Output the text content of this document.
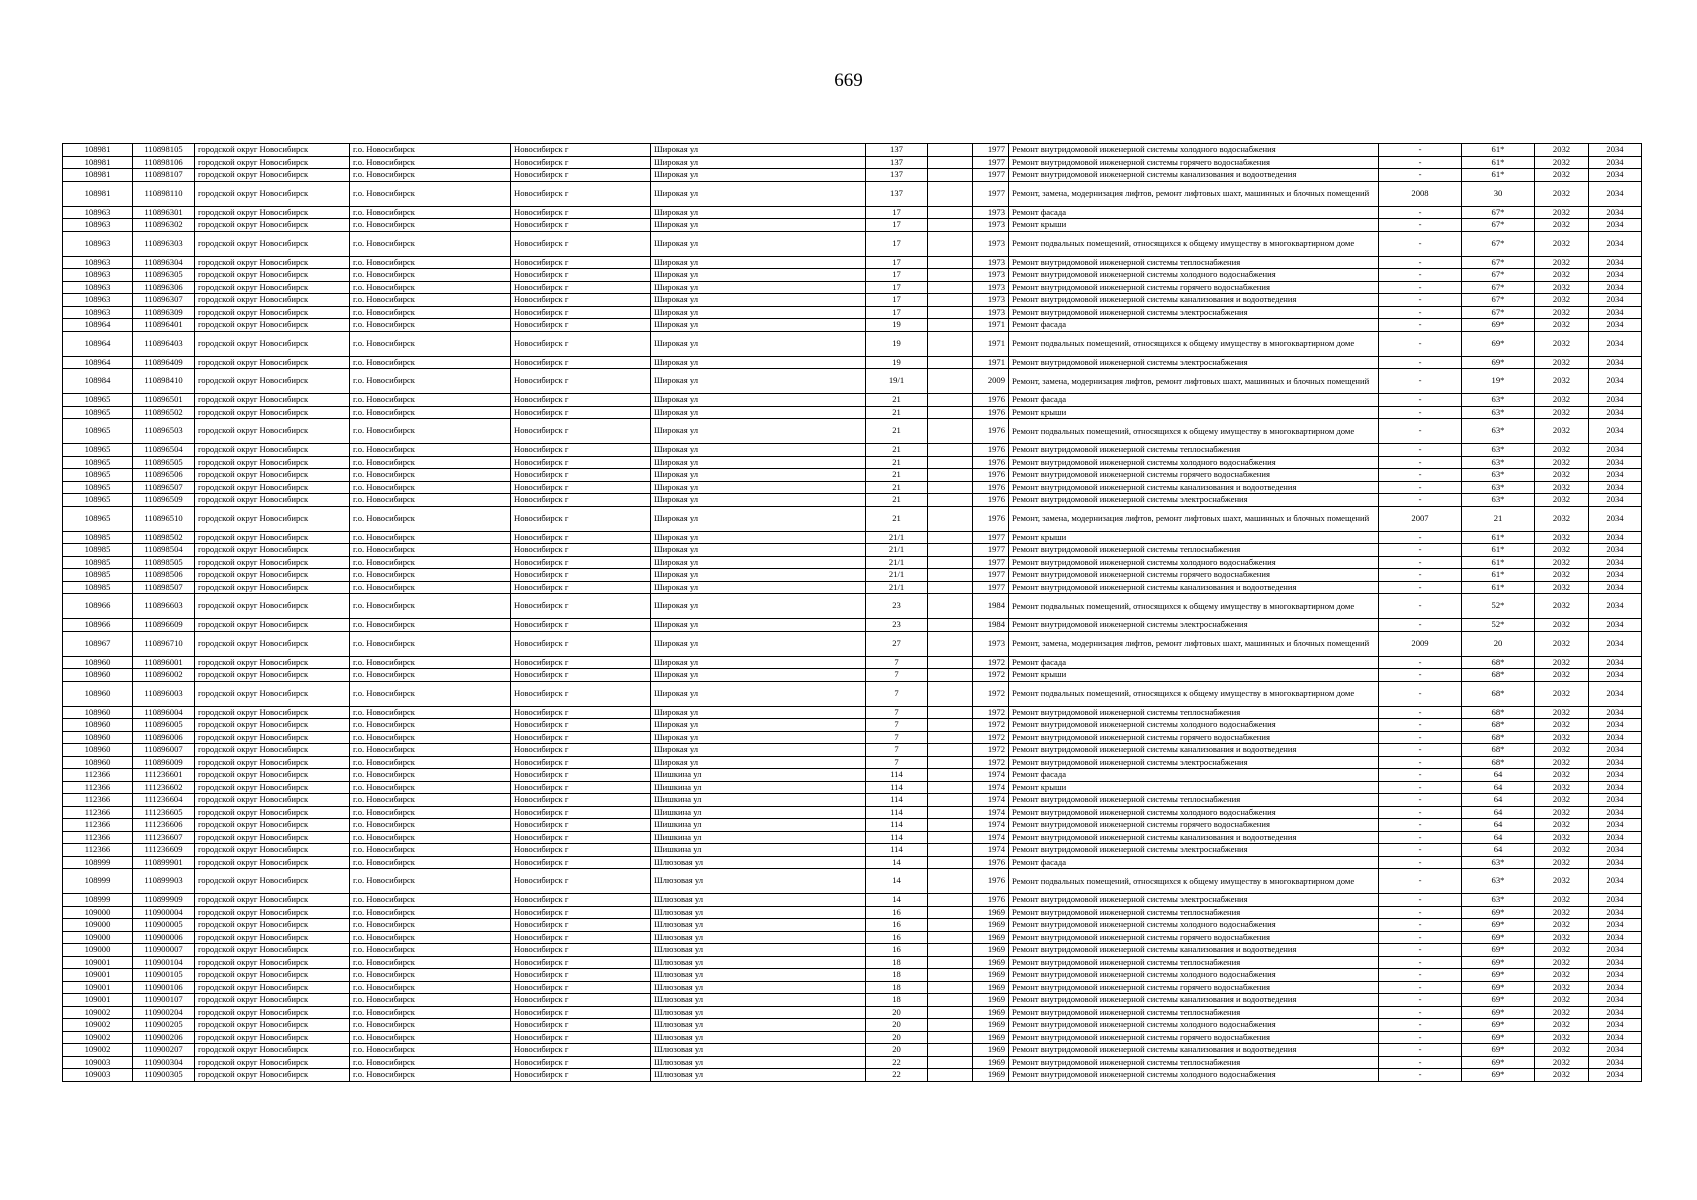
669
108981	110898105	городской округ Новосибирск	г.о. Новосибирск	Новосибирск г	Широкая ул	137		1977	Ремонт внутридомовой инженерной системы холодного водоснабжения	-	61*	2032	2034
108981	110898106	городской округ Новосибирск	г.о. Новосибирск	Новосибирск г	Широкая ул	137		1977	Ремонт внутридомовой инженерной системы горячего водоснабжения	-	61*	2032	2034
108981	110898107	городской округ Новосибирск	г.о. Новосибирск	Новосибирск г	Широкая ул	137		1977	Ремонт внутридомовой инженерной системы канализования и водоотведения	-	61*	2032	2034
108981	110898110	городской округ Новосибирск	г.о. Новосибирск	Новосибирск г	Широкая ул	137		1977	Ремонт, замена, модернизация лифтов, ремонт лифтовых шахт, машинных и блочных помещений	2008	30	2032	2034
108963	110896301	городской округ Новосибирск	г.о. Новосибирск	Новосибирск г	Широкая ул	17		1973	Ремонт фасада	-	67*	2032	2034
108963	110896302	городской округ Новосибирск	г.о. Новосибирск	Новосибирск г	Широкая ул	17		1973	Ремонт крыши	-	67*	2032	2034
108963	110896303	городской округ Новосибирск	г.о. Новосибирск	Новосибирск г	Широкая ул	17		1973	Ремонт подвальных помещений, относящихся к общему имуществу в многоквартирном доме	-	67*	2032	2034
108963	110896304	городской округ Новосибирск	г.о. Новосибирск	Новосибирск г	Широкая ул	17		1973	Ремонт внутридомовой инженерной системы теплоснабжения	-	67*	2032	2034
108963	110896305	городской округ Новосибирск	г.о. Новосибирск	Новосибирск г	Широкая ул	17		1973	Ремонт внутридомовой инженерной системы холодного водоснабжения	-	67*	2032	2034
108963	110896306	городской округ Новосибирск	г.о. Новосибирск	Новосибирск г	Широкая ул	17		1973	Ремонт внутридомовой инженерной системы горячего водоснабжения	-	67*	2032	2034
108963	110896307	городской округ Новосибирск	г.о. Новосибирск	Новосибирск г	Широкая ул	17		1973	Ремонт внутридомовой инженерной системы канализования и водоотведения	-	67*	2032	2034
108963	110896309	городской округ Новосибирск	г.о. Новосибирск	Новосибирск г	Широкая ул	17		1973	Ремонт внутридомовой инженерной системы электроснабжения	-	67*	2032	2034
108964	110896401	городской округ Новосибирск	г.о. Новосибирск	Новосибирск г	Широкая ул	19		1971	Ремонт фасада	-	69*	2032	2034
108964	110896403	городской округ Новосибирск	г.о. Новосибирск	Новосибирск г	Широкая ул	19		1971	Ремонт подвальных помещений, относящихся к общему имуществу в многоквартирном доме	-	69*	2032	2034
108964	110896409	городской округ Новосибирск	г.о. Новосибирск	Новосибирск г	Широкая ул	19		1971	Ремонт внутридомовой инженерной системы электроснабжения	-	69*	2032	2034
108984	110898410	городской округ Новосибирск	г.о. Новосибирск	Новосибирск г	Широкая ул	19/1		2009	Ремонт, замена, модернизация лифтов, ремонт лифтовых шахт, машинных и блочных помещений	-	19*	2032	2034
108965	110896501	городской округ Новосибирск	г.о. Новосибирск	Новосибирск г	Широкая ул	21		1976	Ремонт фасада	-	63*	2032	2034
108965	110896502	городской округ Новосибирск	г.о. Новосибирск	Новосибирск г	Широкая ул	21		1976	Ремонт крыши	-	63*	2032	2034
108965	110896503	городской округ Новосибирск	г.о. Новосибирск	Новосибирск г	Широкая ул	21		1976	Ремонт подвальных помещений, относящихся к общему имуществу в многоквартирном доме	-	63*	2032	2034
108965	110896504	городской округ Новосибирск	г.о. Новосибирск	Новосибирск г	Широкая ул	21		1976	Ремонт внутридомовой инженерной системы теплоснабжения	-	63*	2032	2034
108965	110896505	городской округ Новосибирск	г.о. Новосибирск	Новосибирск г	Широкая ул	21		1976	Ремонт внутридомовой инженерной системы холодного водоснабжения	-	63*	2032	2034
108965	110896506	городской округ Новосибирск	г.о. Новосибирск	Новосибирск г	Широкая ул	21		1976	Ремонт внутридомовой инженерной системы горячего водоснабжения	-	63*	2032	2034
108965	110896507	городской округ Новосибирск	г.о. Новосибирск	Новосибирск г	Широкая ул	21		1976	Ремонт внутридомовой инженерной системы канализования и водоотведения	-	63*	2032	2034
108965	110896509	городской округ Новосибирск	г.о. Новосибирск	Новосибирск г	Широкая ул	21		1976	Ремонт внутридомовой инженерной системы электроснабжения	-	63*	2032	2034
108965	110896510	городской округ Новосибирск	г.о. Новосибирск	Новосибирск г	Широкая ул	21		1976	Ремонт, замена, модернизация лифтов, ремонт лифтовых шахт, машинных и блочных помещений	2007	21	2032	2034
108985	110898502	городской округ Новосибирск	г.о. Новосибирск	Новосибирск г	Широкая ул	21/1		1977	Ремонт крыши	-	61*	2032	2034
108985	110898504	городской округ Новосибирск	г.о. Новосибирск	Новосибирск г	Широкая ул	21/1		1977	Ремонт внутридомовой инженерной системы теплоснабжения	-	61*	2032	2034
108985	110898505	городской округ Новосибирск	г.о. Новосибирск	Новосибирск г	Широкая ул	21/1		1977	Ремонт внутридомовой инженерной системы холодного водоснабжения	-	61*	2032	2034
108985	110898506	городской округ Новосибирск	г.о. Новосибирск	Новосибирск г	Широкая ул	21/1		1977	Ремонт внутридомовой инженерной системы горячего водоснабжения	-	61*	2032	2034
108985	110898507	городской округ Новосибирск	г.о. Новосибирск	Новосибирск г	Широкая ул	21/1		1977	Ремонт внутридомовой инженерной системы канализования и водоотведения	-	61*	2032	2034
108966	110896603	городской округ Новосибирск	г.о. Новосибирск	Новосибирск г	Широкая ул	23		1984	Ремонт подвальных помещений, относящихся к общему имуществу в многоквартирном доме	-	52*	2032	2034
108966	110896609	городской округ Новосибирск	г.о. Новосибирск	Новосибирск г	Широкая ул	23		1984	Ремонт внутридомовой инженерной системы электроснабжения	-	52*	2032	2034
108967	110896710	городской округ Новосибирск	г.о. Новосибирск	Новосибирск г	Широкая ул	27		1973	Ремонт, замена, модернизация лифтов, ремонт лифтовых шахт, машинных и блочных помещений	2009	20	2032	2034
108960	110896001	городской округ Новосибирск	г.о. Новосибирск	Новосибирск г	Широкая ул	7		1972	Ремонт фасада	-	68*	2032	2034
108960	110896002	городской округ Новосибирск	г.о. Новосибирск	Новосибирск г	Широкая ул	7		1972	Ремонт крыши	-	68*	2032	2034
108960	110896003	городской округ Новосибирск	г.о. Новосибирск	Новосибирск г	Широкая ул	7		1972	Ремонт подвальных помещений, относящихся к общему имуществу в многоквартирном доме	-	68*	2032	2034
108960	110896004	городской округ Новосибирск	г.о. Новосибирск	Новосибирск г	Широкая ул	7		1972	Ремонт внутридомовой инженерной системы теплоснабжения	-	68*	2032	2034
108960	110896005	городской округ Новосибирск	г.о. Новосибирск	Новосибирск г	Широкая ул	7		1972	Ремонт внутридомовой инженерной системы холодного водоснабжения	-	68*	2032	2034
108960	110896006	городской округ Новосибирск	г.о. Новосибирск	Новосибирск г	Широкая ул	7		1972	Ремонт внутридомовой инженерной системы горячего водоснабжения	-	68*	2032	2034
108960	110896007	городской округ Новосибирск	г.о. Новосибирск	Новосибирск г	Широкая ул	7		1972	Ремонт внутридомовой инженерной системы канализования и водоотведения	-	68*	2032	2034
108960	110896009	городской округ Новосибирск	г.о. Новосибирск	Новосибирск г	Широкая ул	7		1972	Ремонт внутридомовой инженерной системы электроснабжения	-	68*	2032	2034
112366	111236601	городской округ Новосибирск	г.о. Новосибирск	Новосибирск г	Шишкина ул	114		1974	Ремонт фасада	-	64	2032	2034
112366	111236602	городской округ Новосибирск	г.о. Новосибирск	Новосибирск г	Шишкина ул	114		1974	Ремонт крыши	-	64	2032	2034
112366	111236604	городской округ Новосибирск	г.о. Новосибирск	Новосибирск г	Шишкина ул	114		1974	Ремонт внутридомовой инженерной системы теплоснабжения	-	64	2032	2034
112366	111236605	городской округ Новосибирск	г.о. Новосибирск	Новосибирск г	Шишкина ул	114		1974	Ремонт внутридомовой инженерной системы холодного водоснабжения	-	64	2032	2034
112366	111236606	городской округ Новосибирск	г.о. Новосибирск	Новосибирск г	Шишкина ул	114		1974	Ремонт внутридомовой инженерной системы горячего водоснабжения	-	64	2032	2034
112366	111236607	городской округ Новосибирск	г.о. Новосибирск	Новосибирск г	Шишкина ул	114		1974	Ремонт внутридомовой инженерной системы канализования и водоотведения	-	64	2032	2034
112366	111236609	городской округ Новосибирск	г.о. Новосибирск	Новосибирск г	Шишкина ул	114		1974	Ремонт внутридомовой инженерной системы электроснабжения	-	64	2032	2034
108999	110899901	городской округ Новосибирск	г.о. Новосибирск	Новосибирск г	Шлюзовая ул	14		1976	Ремонт фасада	-	63*	2032	2034
108999	110899903	городской округ Новосибирск	г.о. Новосибирск	Новосибирск г	Шлюзовая ул	14		1976	Ремонт подвальных помещений, относящихся к общему имуществу в многоквартирном доме	-	63*	2032	2034
108999	110899909	городской округ Новосибирск	г.о. Новосибирск	Новосибирск г	Шлюзовая ул	14		1976	Ремонт внутридомовой инженерной системы электроснабжения	-	63*	2032	2034
109000	110900004	городской округ Новосибирск	г.о. Новосибирск	Новосибирск г	Шлюзовая ул	16		1969	Ремонт внутридомовой инженерной системы теплоснабжения	-	69*	2032	2034
109000	110900005	городской округ Новосибирск	г.о. Новосибирск	Новосибирск г	Шлюзовая ул	16		1969	Ремонт внутридомовой инженерной системы холодного водоснабжения	-	69*	2032	2034
109000	110900006	городской округ Новосибирск	г.о. Новосибирск	Новосибирск г	Шлюзовая ул	16		1969	Ремонт внутридомовой инженерной системы горячего водоснабжения	-	69*	2032	2034
109000	110900007	городской округ Новосибирск	г.о. Новосибирск	Новосибирск г	Шлюзовая ул	16		1969	Ремонт внутридомовой инженерной системы канализования и водоотведения	-	69*	2032	2034
109001	110900104	городской округ Новосибирск	г.о. Новосибирск	Новосибирск г	Шлюзовая ул	18		1969	Ремонт внутридомовой инженерной системы теплоснабжения	-	69*	2032	2034
109001	110900105	городской округ Новосибирск	г.о. Новосибирск	Новосибирск г	Шлюзовая ул	18		1969	Ремонт внутридомовой инженерной системы холодного водоснабжения	-	69*	2032	2034
109001	110900106	городской округ Новосибирск	г.о. Новосибирск	Новосибирск г	Шлюзовая ул	18		1969	Ремонт внутридомовой инженерной системы горячего водоснабжения	-	69*	2032	2034
109001	110900107	городской округ Новосибирск	г.о. Новосибирск	Новосибирск г	Шлюзовая ул	18		1969	Ремонт внутридомовой инженерной системы канализования и водоотведения	-	69*	2032	2034
109002	110900204	городской округ Новосибирск	г.о. Новосибирск	Новосибирск г	Шлюзовая ул	20		1969	Ремонт внутридомовой инженерной системы теплоснабжения	-	69*	2032	2034
109002	110900205	городской округ Новосибирск	г.о. Новосибирск	Новосибирск г	Шлюзовая ул	20		1969	Ремонт внутридомовой инженерной системы холодного водоснабжения	-	69*	2032	2034
109002	110900206	городской округ Новосибирск	г.о. Новосибирск	Новосибирск г	Шлюзовая ул	20		1969	Ремонт внутридомовой инженерной системы горячего водоснабжения	-	69*	2032	2034
109002	110900207	городской округ Новосибирск	г.о. Новосибирск	Новосибирск г	Шлюзовая ул	20		1969	Ремонт внутридомовой инженерной системы канализования и водоотведения	-	69*	2032	2034
109003	110900304	городской округ Новосибирск	г.о. Новосибирск	Новосибирск г	Шлюзовая ул	22		1969	Ремонт внутридомовой инженерной системы теплоснабжения	-	69*	2032	2034
109003	110900305	городской округ Новосибирск	г.о. Новосибирск	Новосибирск г	Шлюзовая ул	22		1969	Ремонт внутридомовой инженерной системы холодного водоснабжения	-	69*	2032	2034
